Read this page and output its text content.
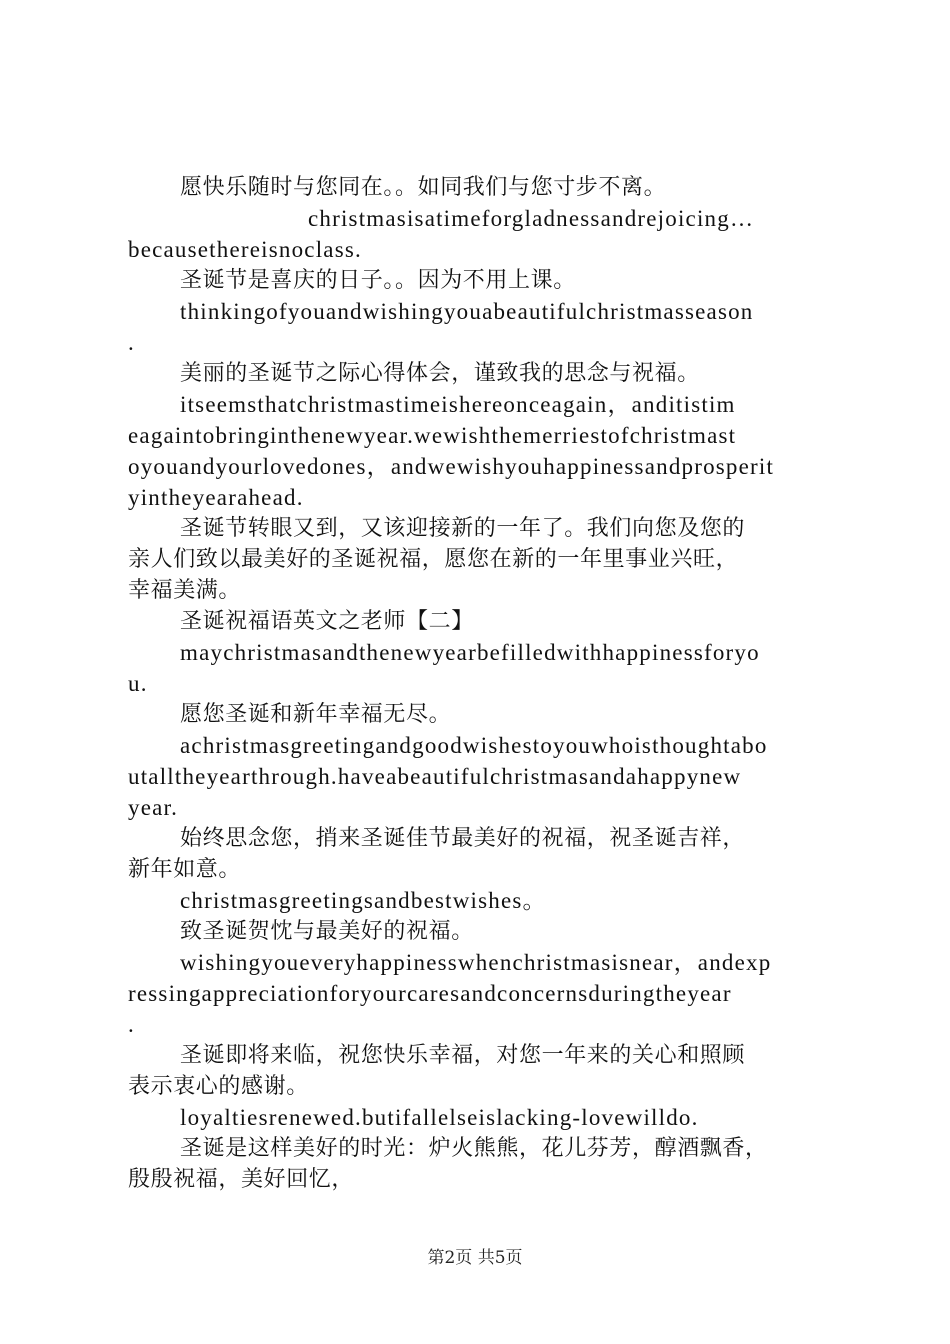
愿快乐随时与您同在。。如同我们与您寸步不离。
christmasisatimeforgladnessandrejoicing…
becausethereisnoclass.
圣诞节是喜庆的日子。。因为不用上课。
thinkingofyouandwishingyouabeautifulchristmasseason
.
美丽的圣诞节之际心得体会，谨致我的思念与祝福。
itseemsthatchristmastimeishereonceagain，anditistim
eagaintobringinthenewyear.wewishthemerriestofchristmast
oyouandyourlovedones，andwewishyouhappinessandprosperit
yintheyearahead.
圣诞节转眼又到，又该迎接新的一年了。我们向您及您的
亲人们致以最美好的圣诞祝福，愿您在新的一年里事业兴旺，
幸福美满。
圣诞祝福语英文之老师【二】
maychristmasandthenewyearbefilledwithhappinessforyo
u.
愿您圣诞和新年幸福无尽。
achristmasgreetingandgoodwishestoyouwhoisthoughtabo
utalltheyearthrough.haveabeautifulchristmasandahappynew
year.
始终思念您，捎来圣诞佳节最美好的祝福，祝圣诞吉祥，
新年如意。
christmasgreetingsandbestwishes。
致圣诞贺忱与最美好的祝福。
wishingyoueveryhappinesswhenchristmasisnear，andexp
ressingappreciationforyourcaresandconcernsduringtheyear
.
圣诞即将来临，祝您快乐幸福，对您一年来的关心和照顾
表示衷心的感谢。
loyaltiesrenewed.butifallelseislacking-lovewilldo.
圣诞是这样美好的时光：炉火熊熊，花儿芬芳，醇酒飘香，
殷殷祝福，美好回忆，
第2页 共5页
